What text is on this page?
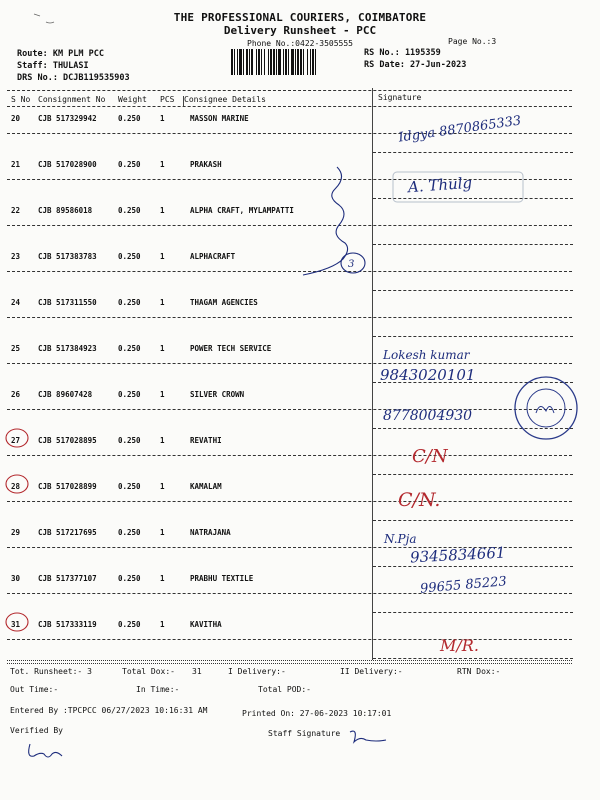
THE PROFESSIONAL COURIERS, COIMBATORE
Delivery Runsheet - PCC
Phone No.:0422-3505555	Page No.:3
Route: KM PLM PCC
Staff: THULASI
DRS No.: DCJB119535903
RS No.: 1195359
RS Date: 27-Jun-2023
S No Consignment No Weight PCS Consignee Details	Signature
20 CJB 517329942	0.250	1	MASSON MARINE
21 CJB 517028900	0.250	1	PRAKASH
22 CJB 89586018	0.250	1	ALPHA CRAFT, MYLAMPATTI
23 CJB 517383783	0.250	1	ALPHACRAFT
24 CJB 517311550	0.250	1	THAGAM AGENCIES
25 CJB 517384923	0.250	1	POWER TECH SERVICE
26 CJB 89607428	0.250	1	SILVER CROWN
27 CJB 517028895	0.250	1	REVATHI
28 CJB 517028899	0.250	1	KAMALAM
29 CJB 517217695	0.250	1	NATRAJANA
30 CJB 517377107	0.250	1	PRABHU TEXTILE
31 CJB 517333119	0.250	1	KAVITHA
3
Idgya 8870865333
A. Thulg
Lokesh kumar
9843020101
8778004930
C/N
C/N.
N.Pja
9345834661
99655 85223
M/R.
Tot. Runsheet:- 3	Total Dox:- 31	I Delivery:-	II Delivery:-	RTN Dox:-
Out Time:-	In Time:-	Total POD:-
Entered By :TPCPCC 06/27/2023 10:16:31 AM	Printed On: 27-06-2023 10:17:01
Verified By	Staff Signature
